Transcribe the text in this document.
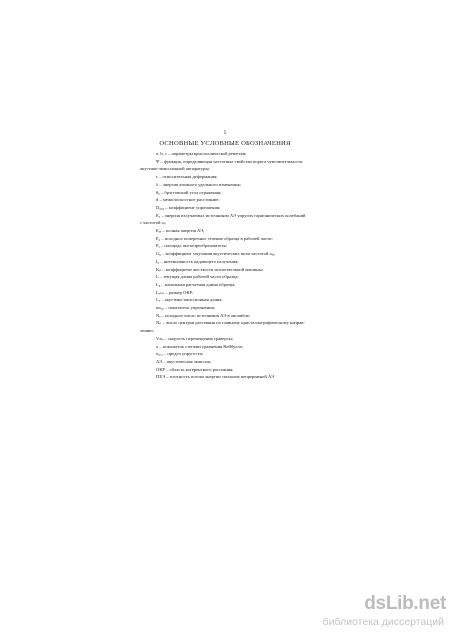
5
ОСНОВНЫЕ УСЛОВНЫЕ ОБОЗНАЧЕНИЯ
a, b, c – параметры кристаллической решетки;
Ψ – функция, определяющая частотные свойства порога чувствительности
акустико-эмиссионной аппаратуры;
ε – относительная деформация;
λ – энергия атомного удельного изменения;
θ₀ – брэгговский угол отражения;
d – межплоскостное расстояние;
D₀₀₂ – коэффициент упрочнения;
Eₐ – энергия излучаемых источником АЭ упругих гармонических колебаний
с частотой ω;
Eₐₑ – полная энергия АЭ;
F₀ – исходное поперечное сечение образца в рабочей части;
Fₐ – площадь пьезопреобразователя;
G₀ – коэффициент затухания акустических волн частотой ω₀;
I₀ – интенсивность падающего излучения;
Kₚ – коэффициент жесткости испытательной машины;
L – текущая длина рабочей части образца;
L₀ – начальная расчетная длина образца;
Lₒₖₚ – размер ОКР;
Lₐ – акустико-эмиссионная длина;
nₘₐₓ – показатель упрочнения;
Nₑ – исходное число источников АЭ в ансамбле;
Nₚ – число центров рассеяния по главному кристаллографическому направ-
лению;
Vₘₑ – скорость перемещения траверсы;
x – показатель степени уравнения Вейбулла;
σ₀,₂ – предел упругости;
АЭ – акустическая эмиссия;
ОКР – область когерентного рассеяния;
ПЕЭ – плотность потока энергии сигналов непрерывной АЭ.
dsLib.net
библиотека диссертаций
